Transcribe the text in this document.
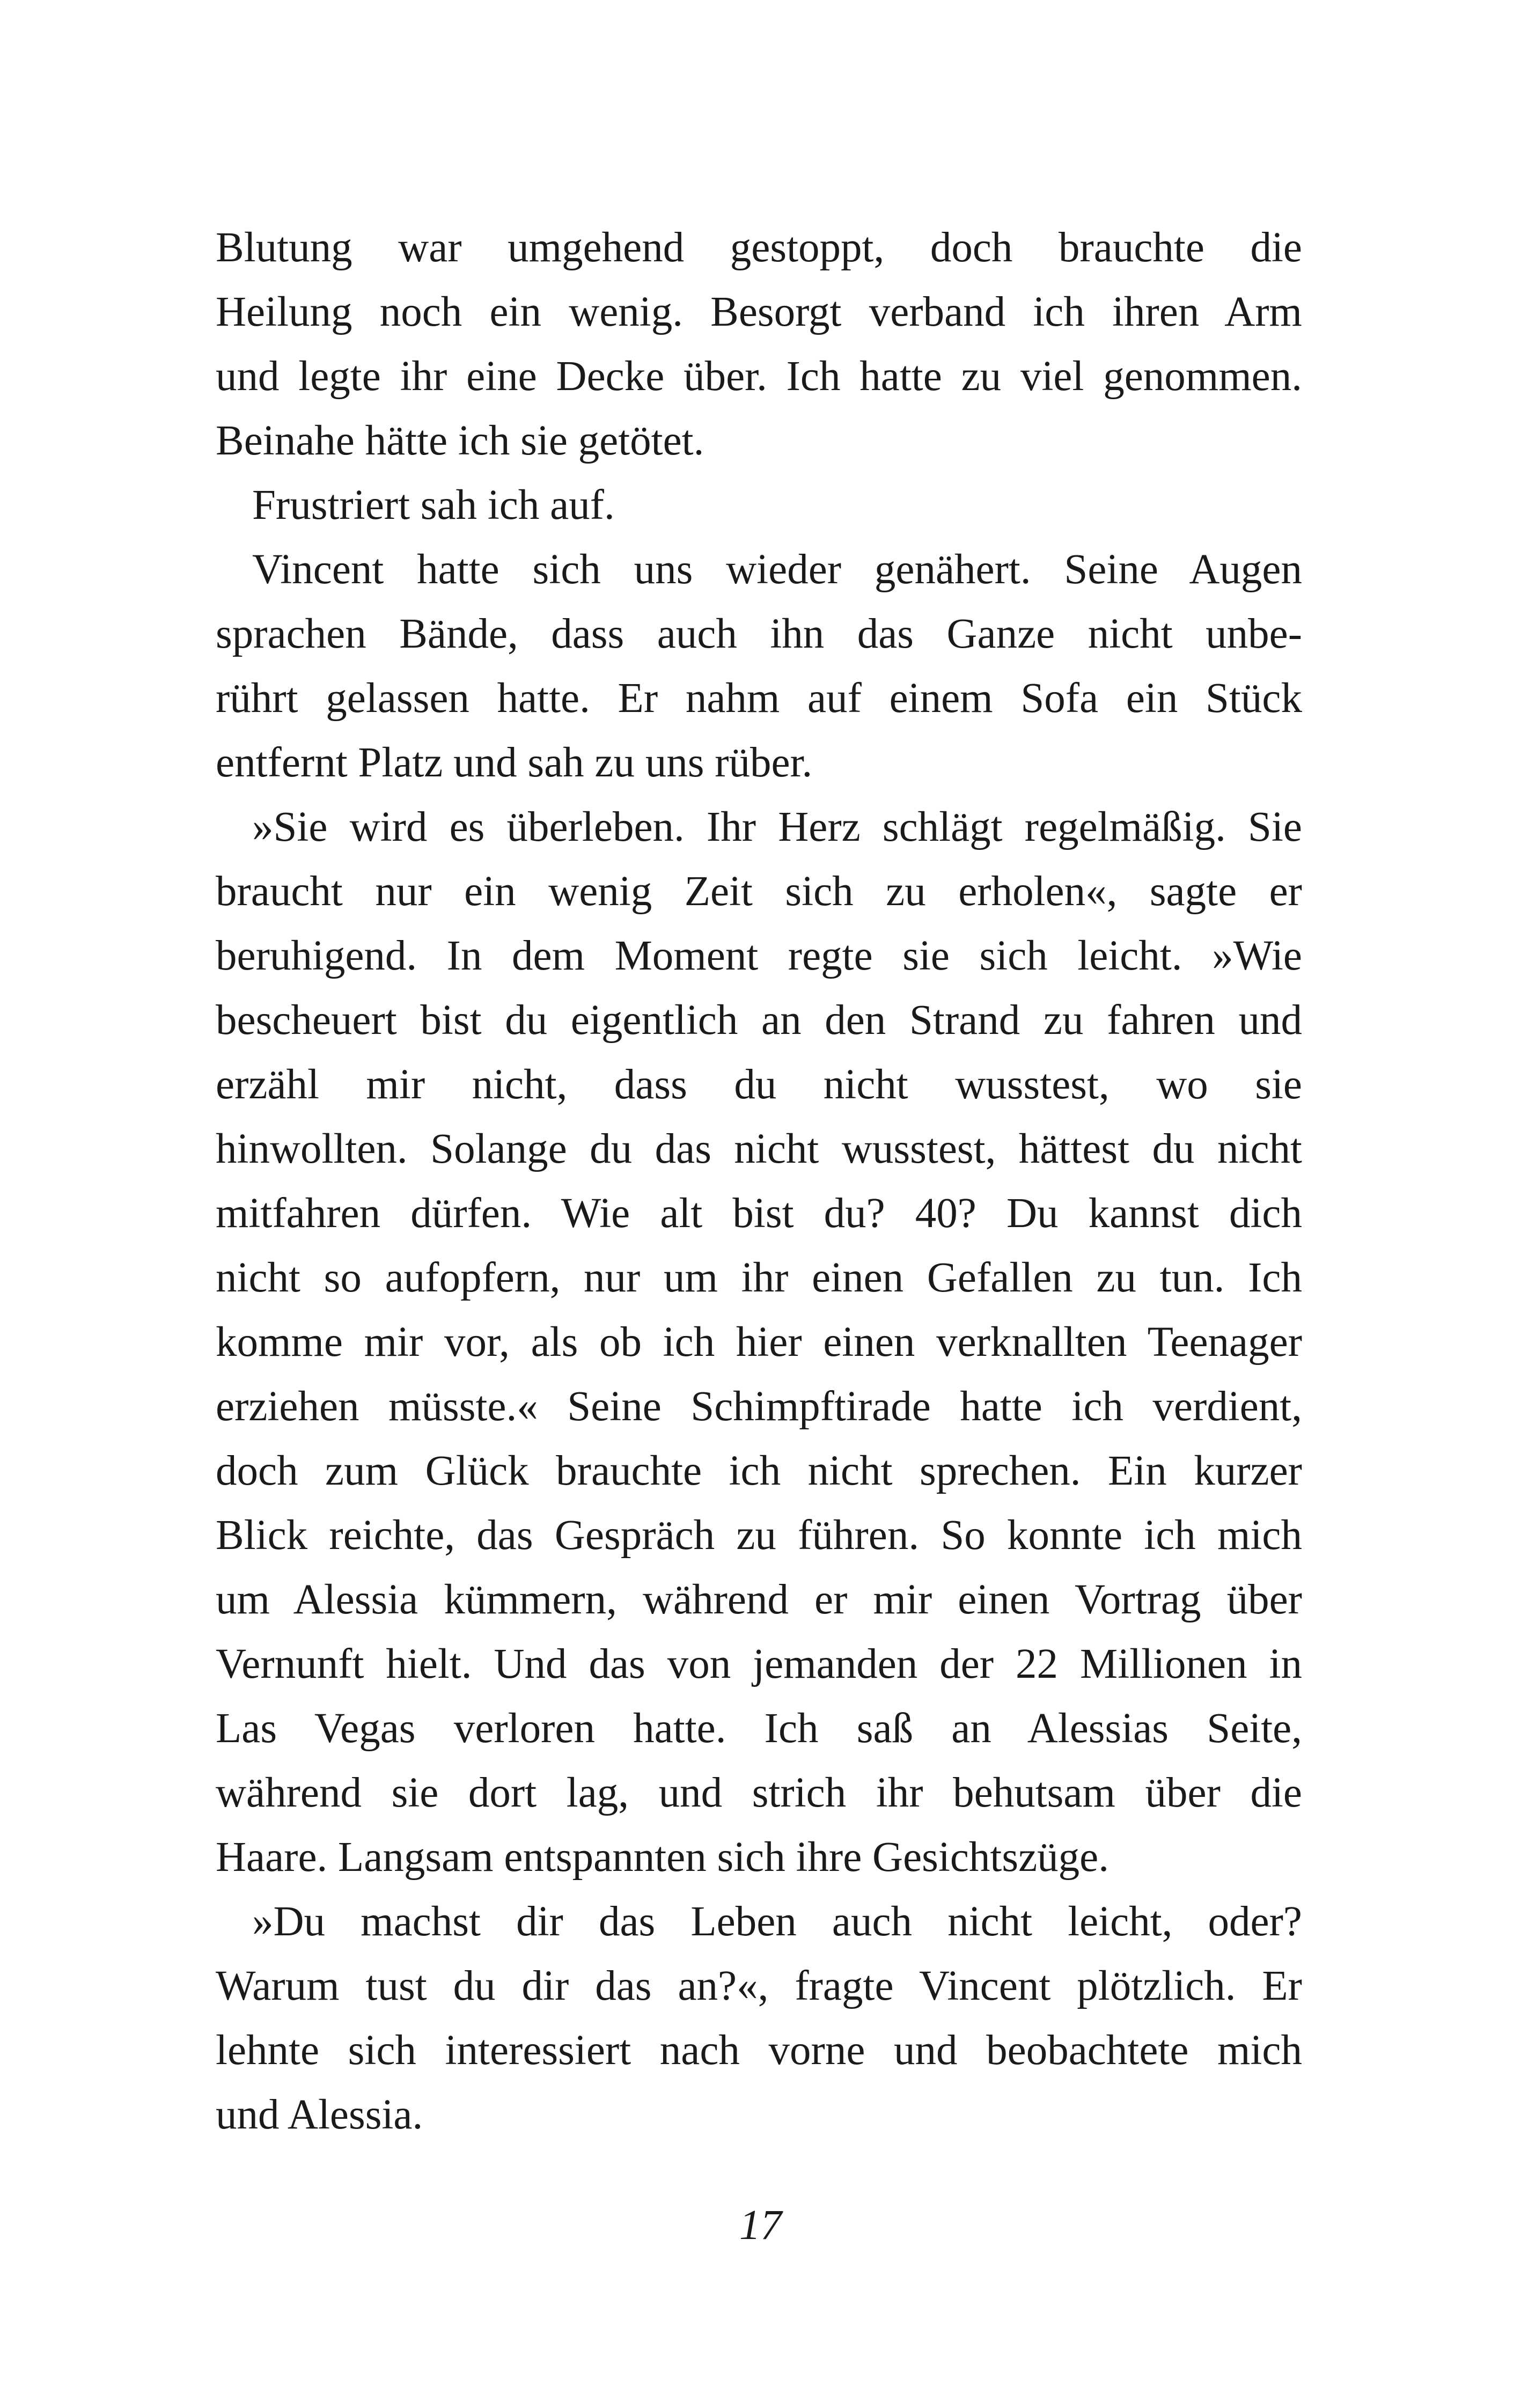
Blutung war umgehend gestoppt, doch brauchte die
Heilung noch ein wenig. Besorgt verband ich ihren Arm
und legte ihr eine Decke über. Ich hatte zu viel genommen.
Beinahe hätte ich sie getötet.
Frustriert sah ich auf.
Vincent hatte sich uns wieder genähert. Seine Augen
sprachen Bände, dass auch ihn das Ganze nicht unbe-
rührt gelassen hatte. Er nahm auf einem Sofa ein Stück
entfernt Platz und sah zu uns rüber.
»Sie wird es überleben. Ihr Herz schlägt regelmäßig. Sie
braucht nur ein wenig Zeit sich zu erholen«, sagte er
beruhigend. In dem Moment regte sie sich leicht. »Wie
bescheuert bist du eigentlich an den Strand zu fahren und
erzähl mir nicht, dass du nicht wusstest, wo sie
hinwollten. Solange du das nicht wusstest, hättest du nicht
mitfahren dürfen. Wie alt bist du? 40? Du kannst dich
nicht so aufopfern, nur um ihr einen Gefallen zu tun. Ich
komme mir vor, als ob ich hier einen verknallten Teenager
erziehen müsste.« Seine Schimpftirade hatte ich verdient,
doch zum Glück brauchte ich nicht sprechen. Ein kurzer
Blick reichte, das Gespräch zu führen. So konnte ich mich
um Alessia kümmern, während er mir einen Vortrag über
Vernunft hielt. Und das von jemanden der 22 Millionen in
Las Vegas verloren hatte. Ich saß an Alessias Seite,
während sie dort lag, und strich ihr behutsam über die
Haare. Langsam entspannten sich ihre Gesichtszüge.
»Du machst dir das Leben auch nicht leicht, oder?
Warum tust du dir das an?«, fragte Vincent plötzlich. Er
lehnte sich interessiert nach vorne und beobachtete mich
und Alessia.
17
